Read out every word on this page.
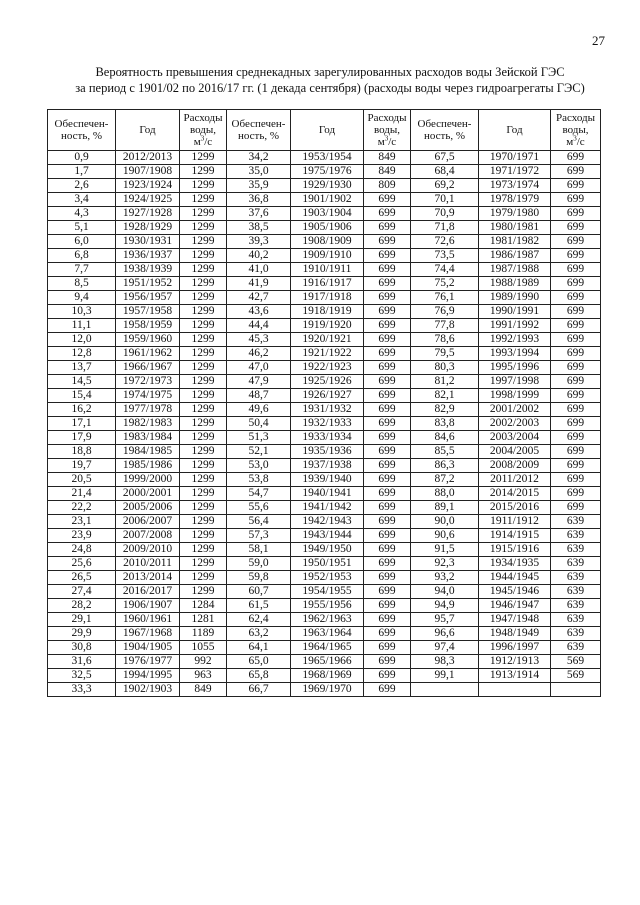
27
Вероятность превышения среднекадных зарегулированных расходов воды Зейской ГЭС
за период с 1901/02 по 2016/17 гг. (1 декада сентября) (расходы воды через гидроагрегаты ГЭС)
Обеспечен-
ность, %	Год	Расходы
воды,
$м^3/с$	Обеспечен-
ность, %	Год	Расходы
воды,
$м^3/с$	Обеспечен-
ность, %	Год	Расходы
воды,
$м^3/с$
0,9	2012/2013	1299	34,2	1953/1954	849	67,5	1970/1971	699
1,7	1907/1908	1299	35,0	1975/1976	849	68,4	1971/1972	699
2,6	1923/1924	1299	35,9	1929/1930	809	69,2	1973/1974	699
3,4	1924/1925	1299	36,8	1901/1902	699	70,1	1978/1979	699
4,3	1927/1928	1299	37,6	1903/1904	699	70,9	1979/1980	699
5,1	1928/1929	1299	38,5	1905/1906	699	71,8	1980/1981	699
6,0	1930/1931	1299	39,3	1908/1909	699	72,6	1981/1982	699
6,8	1936/1937	1299	40,2	1909/1910	699	73,5	1986/1987	699
7,7	1938/1939	1299	41,0	1910/1911	699	74,4	1987/1988	699
8,5	1951/1952	1299	41,9	1916/1917	699	75,2	1988/1989	699
9,4	1956/1957	1299	42,7	1917/1918	699	76,1	1989/1990	699
10,3	1957/1958	1299	43,6	1918/1919	699	76,9	1990/1991	699
11,1	1958/1959	1299	44,4	1919/1920	699	77,8	1991/1992	699
12,0	1959/1960	1299	45,3	1920/1921	699	78,6	1992/1993	699
12,8	1961/1962	1299	46,2	1921/1922	699	79,5	1993/1994	699
13,7	1966/1967	1299	47,0	1922/1923	699	80,3	1995/1996	699
14,5	1972/1973	1299	47,9	1925/1926	699	81,2	1997/1998	699
15,4	1974/1975	1299	48,7	1926/1927	699	82,1	1998/1999	699
16,2	1977/1978	1299	49,6	1931/1932	699	82,9	2001/2002	699
17,1	1982/1983	1299	50,4	1932/1933	699	83,8	2002/2003	699
17,9	1983/1984	1299	51,3	1933/1934	699	84,6	2003/2004	699
18,8	1984/1985	1299	52,1	1935/1936	699	85,5	2004/2005	699
19,7	1985/1986	1299	53,0	1937/1938	699	86,3	2008/2009	699
20,5	1999/2000	1299	53,8	1939/1940	699	87,2	2011/2012	699
21,4	2000/2001	1299	54,7	1940/1941	699	88,0	2014/2015	699
22,2	2005/2006	1299	55,6	1941/1942	699	89,1	2015/2016	699
23,1	2006/2007	1299	56,4	1942/1943	699	90,0	1911/1912	639
23,9	2007/2008	1299	57,3	1943/1944	699	90,6	1914/1915	639
24,8	2009/2010	1299	58,1	1949/1950	699	91,5	1915/1916	639
25,6	2010/2011	1299	59,0	1950/1951	699	92,3	1934/1935	639
26,5	2013/2014	1299	59,8	1952/1953	699	93,2	1944/1945	639
27,4	2016/2017	1299	60,7	1954/1955	699	94,0	1945/1946	639
28,2	1906/1907	1284	61,5	1955/1956	699	94,9	1946/1947	639
29,1	1960/1961	1281	62,4	1962/1963	699	95,7	1947/1948	639
29,9	1967/1968	1189	63,2	1963/1964	699	96,6	1948/1949	639
30,8	1904/1905	1055	64,1	1964/1965	699	97,4	1996/1997	639
31,6	1976/1977	992	65,0	1965/1966	699	98,3	1912/1913	569
32,5	1994/1995	963	65,8	1968/1969	699	99,1	1913/1914	569
33,3	1902/1903	849	66,7	1969/1970	699			
